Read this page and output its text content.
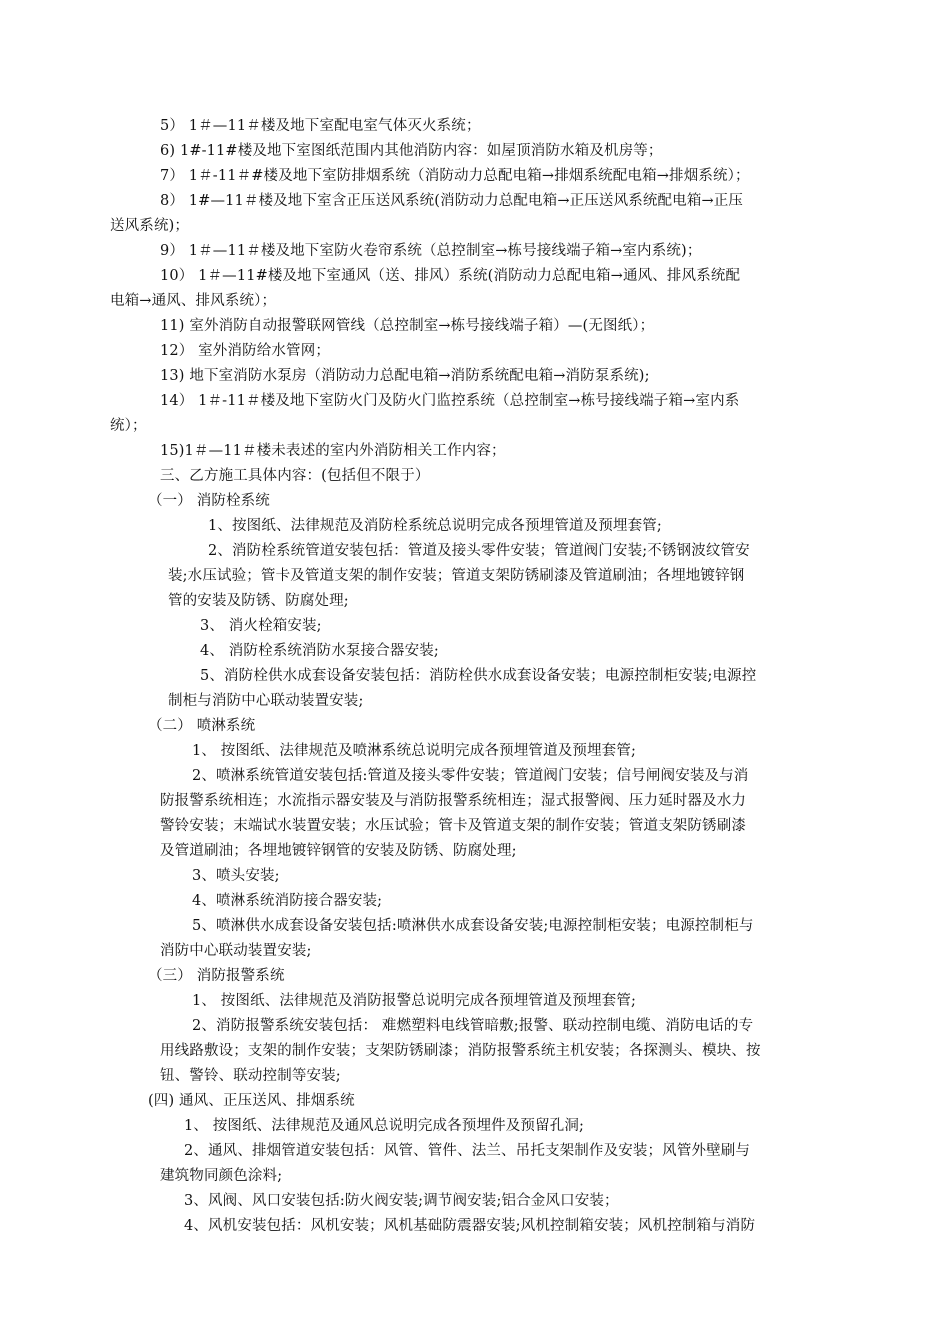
5） 1＃—11＃楼及地下室配电室气体灭火系统；
6) 1#-11#楼及地下室图纸范围内其他消防内容：如屋顶消防水箱及机房等；
7） 1＃-11＃#楼及地下室防排烟系统（消防动力总配电箱→排烟系统配电箱→排烟系统）；
8） 1#—11＃楼及地下室含正压送风系统(消防动力总配电箱→正压送风系统配电箱→正压
送风系统)；
9） 1＃—11＃楼及地下室防火卷帘系统（总控制室→栋号接线端子箱→室内系统)；
10） 1＃—11#楼及地下室通风（送、排风）系统(消防动力总配电箱→通风、排风系统配
电箱→通风、排风系统）；
11) 室外消防自动报警联网管线（总控制室→栋号接线端子箱）—(无图纸）；
12） 室外消防给水管网；
13) 地下室消防水泵房（消防动力总配电箱→消防系统配电箱→消防泵系统);
14） 1＃-11＃楼及地下室防火门及防火门监控系统（总控制室→栋号接线端子箱→室内系
统）；
15)1＃—11＃楼未表述的室内外消防相关工作内容；
三、乙方施工具体内容：(包括但不限于）
（一） 消防栓系统
1、按图纸、法律规范及消防栓系统总说明完成各预埋管道及预埋套管;
2、消防栓系统管道安装包括：管道及接头零件安装；管道阀门安装;不锈钢波纹管安
装;水压试验；管卡及管道支架的制作安装；管道支架防锈刷漆及管道刷油；各埋地镀锌钢
管的安装及防锈、防腐处理;
3、 消火栓箱安装;
4、 消防栓系统消防水泵接合器安装;
5、消防栓供水成套设备安装包括：消防栓供水成套设备安装；电源控制柜安装;电源控
制柜与消防中心联动装置安装;
（二） 喷淋系统
1、 按图纸、法律规范及喷淋系统总说明完成各预埋管道及预埋套管;
2、喷淋系统管道安装包括:管道及接头零件安装；管道阀门安装；信号闸阀安装及与消
防报警系统相连；水流指示器安装及与消防报警系统相连；湿式报警阀、压力延时器及水力
警铃安装；末端试水装置安装；水压试验；管卡及管道支架的制作安装；管道支架防锈刷漆
及管道刷油；各埋地镀锌钢管的安装及防锈、防腐处理;
3、喷头安装;
4、喷淋系统消防接合器安装;
5、喷淋供水成套设备安装包括:喷淋供水成套设备安装;电源控制柜安装；电源控制柜与
消防中心联动装置安装;
（三） 消防报警系统
1、 按图纸、法律规范及消防报警总说明完成各预埋管道及预埋套管;
2、消防报警系统安装包括： 难燃塑料电线管暗敷;报警、联动控制电缆、消防电话的专
用线路敷设；支架的制作安装；支架防锈刷漆；消防报警系统主机安装；各探测头、模块、按
钮、警铃、联动控制等安装;
(四) 通风、正压送风、排烟系统
1、 按图纸、法律规范及通风总说明完成各预埋件及预留孔洞;
2、通风、排烟管道安装包括：风管、管件、法兰、吊托支架制作及安装；风管外壁刷与
建筑物同颜色涂料;
3、风阀、风口安装包括:防火阀安装;调节阀安装;铝合金风口安装；
4、风机安装包括：风机安装；风机基础防震器安装;风机控制箱安装；风机控制箱与消防
